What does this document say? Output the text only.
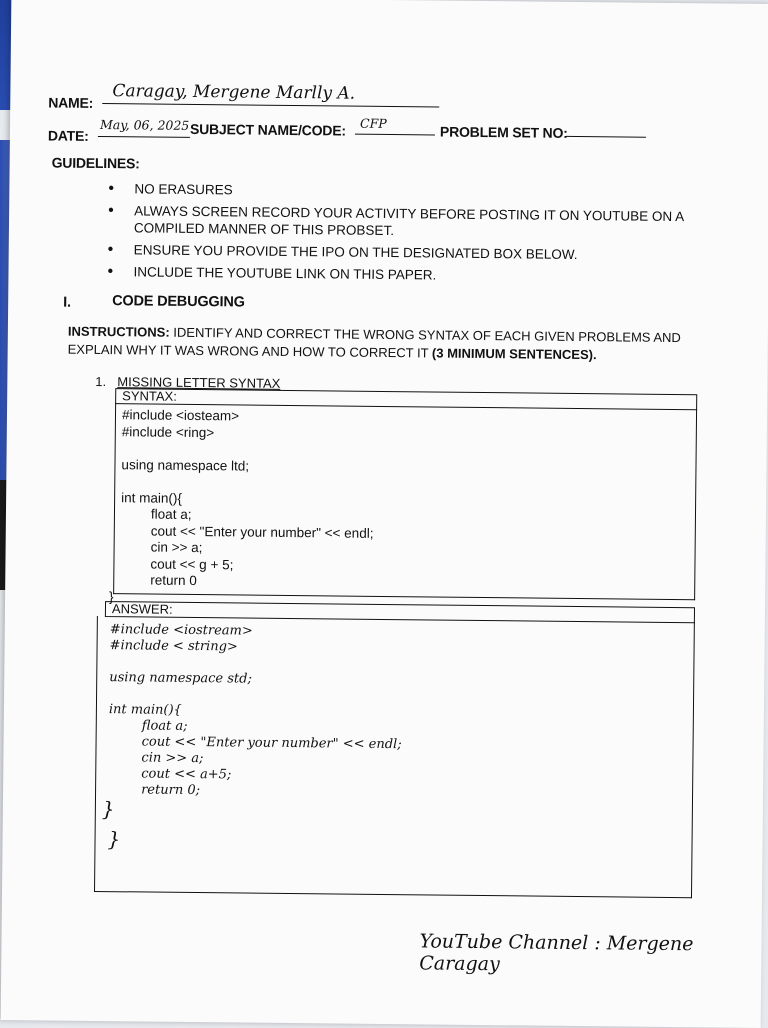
NAME: Caragay, Mergene Marlly A.
DATE:
May, 06, 2025 SUBJECT NAME/CODE: CFP
PROBLEM SET NO:

GUIDELINES:
• NO ERASURES
• ALWAYS SCREEN RECORD YOUR ACTIVITY BEFORE POSTING IT ON YOUTUBE ON A COMPILED MANNER OF THIS PROBSET.
• ENSURE YOU PROVIDE THE IPO ON THE DESIGNATED BOX BELOW.
• INCLUDE THE YOUTUBE LINK ON THIS PAPER.
I.	CODE DEBUGGING
INSTRUCTIONS: IDENTIFY AND CORRECT THE WRONG SYNTAX OF EACH GIVEN PROBLEMS AND EXPLAIN WHY IT WAS WRONG AND HOW TO CORRECT IT (3 MINIMUM SENTENCES).
1. MISSING LETTER SYNTAX
SYNTAX:
#include <iosteam>
#include <ring>

using namespace ltd;

int main(){
float a;
cout << "Enter your number" << endl;
cin >> a;
cout << g + 5;
return 0
}
ANSWER:
#include <iostream>
#include < string>

using namespace std;

int main(){
float a;
cout << "Enter your number" << endl;
cin >> a;
cout << a+5;
return 0;
}
}
YouTube Channel : Mergene Caragay
